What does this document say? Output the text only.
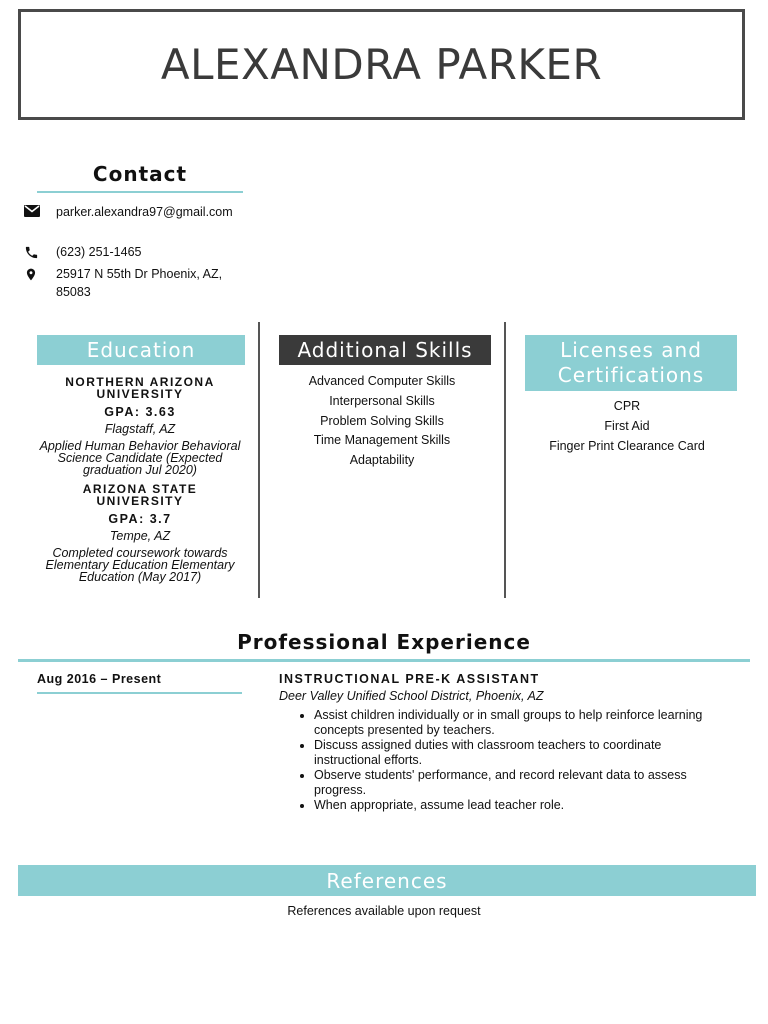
ALEXANDRA PARKER
Contact
parker.alexandra97@gmail.com
(623) 251-1465
25917 N 55th Dr Phoenix, AZ, 85083
Education
NORTHERN ARIZONA UNIVERSITY
GPA: 3.63
Flagstaff, AZ
Applied Human Behavior Behavioral Science Candidate (Expected graduation Jul 2020)
ARIZONA STATE UNIVERSITY
GPA: 3.7
Tempe, AZ
Completed coursework towards Elementary Education Elementary Education (May 2017)
Additional Skills
Advanced Computer Skills
Interpersonal Skills
Problem Solving Skills
Time Management Skills
Adaptability
Licenses and Certifications
CPR
First Aid
Finger Print Clearance Card
Professional Experience
Aug 2016 – Present	INSTRUCTIONAL PRE-K ASSISTANT
Deer Valley Unified School District, Phoenix, AZ
• Assist children individually or in small groups to help reinforce learning concepts presented by teachers.
• Discuss assigned duties with classroom teachers to coordinate instructional efforts.
• Observe students' performance, and record relevant data to assess progress.
• When appropriate, assume lead teacher role.
References
References available upon request
